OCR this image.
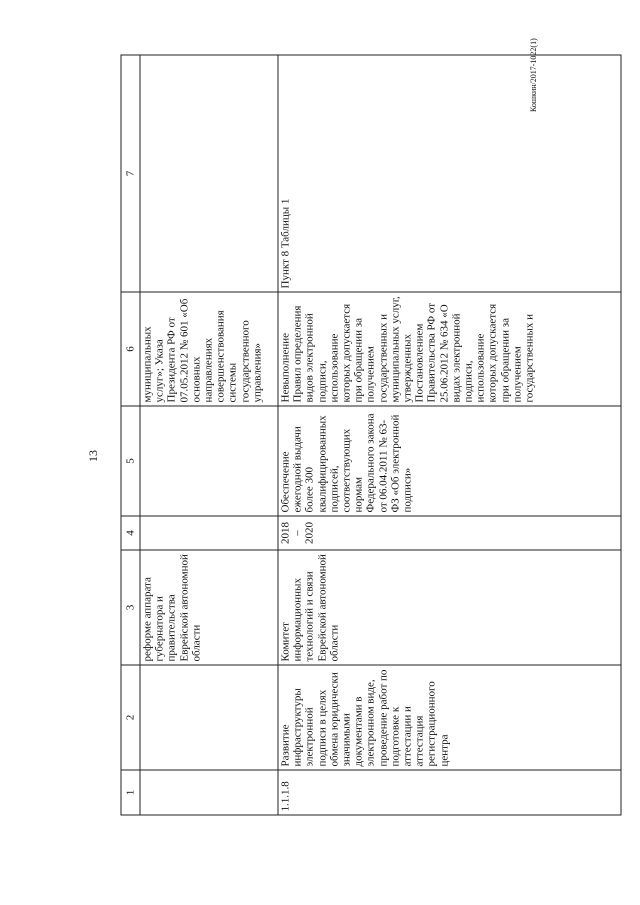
13
Кошкин/2017-1022(1)
1	2	3	4	5	6	7
		реформе аппарата губернатора и правительства Еврейской автономной области			муниципальных услуг»; Указа Президента РФ от 07.05.2012 № 601 «Об основных направлениях совершенствования системы государственного управления»	
1.1.1.8	Развитие инфраструктуры электронной подписи в целях обмена юридически значимыми документами в электронном виде, проведение работ по подготовке к аттестации и аттестация регистрационного центра	Комитет информационных технологий и связи Еврейской автономной области	2018 – 2020	Обеспечение ежегодной выдачи более 300 квалифицированных подписей, соответствующих нормам Федерального закона от 06.04.2011 № 63-ФЗ «Об электронной подписи»	Невыполнение Правил определения видов электронной подписи, использование которых допускается при обращении за получением государственных и муниципальных услуг, утвержденных Постановлением Правительства РФ от 25.06.2012 № 634 «О видах электронной подписи, использование которых допускается при обращении за получением государственных и	Пункт 8 Таблицы 1
